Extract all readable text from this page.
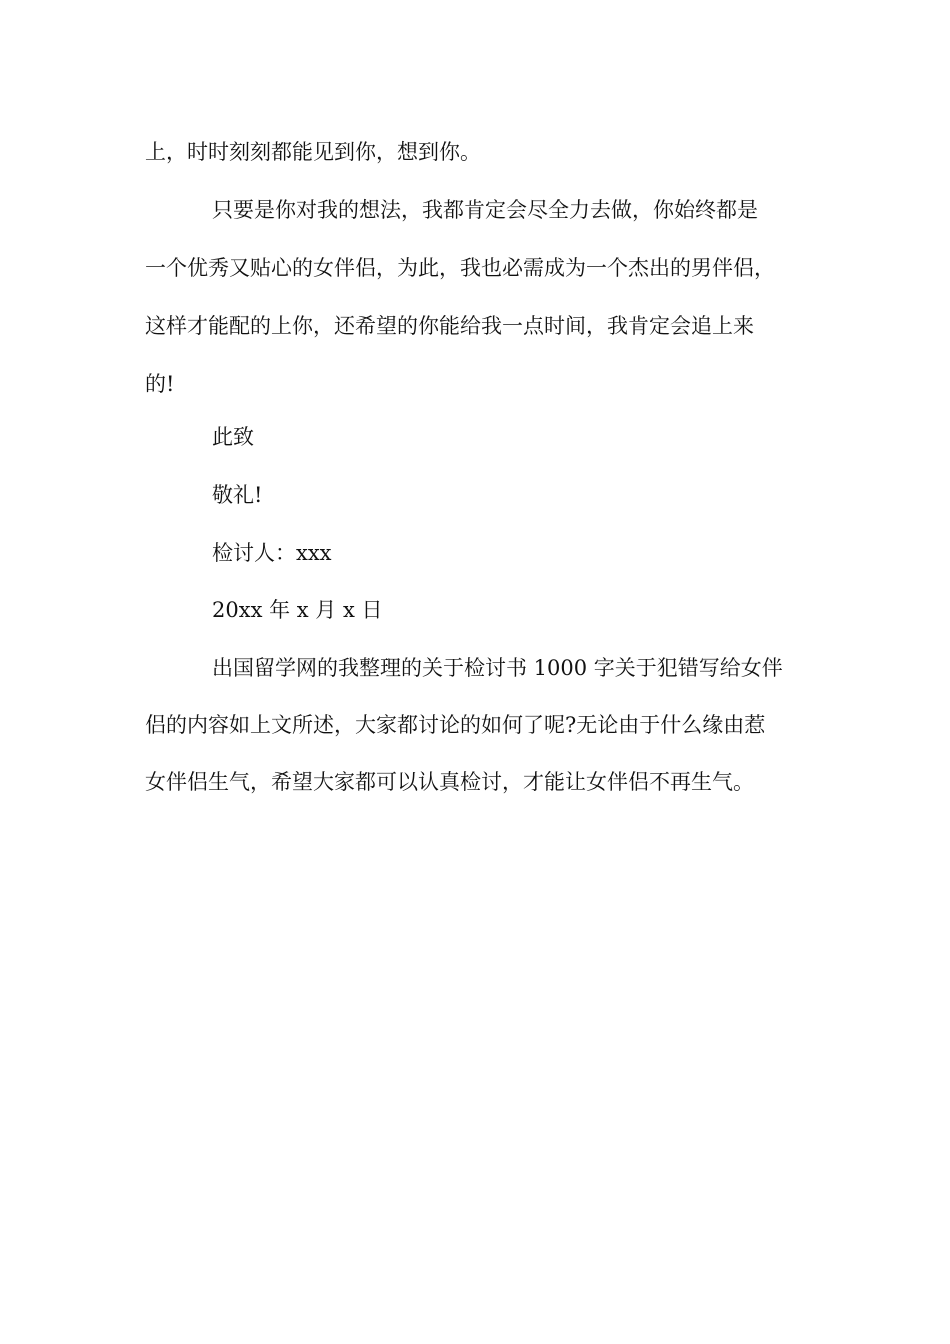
上，时时刻刻都能见到你，想到你。
只要是你对我的想法，我都肯定会尽全力去做，你始终都是
一个优秀又贴心的女伴侣，为此，我也必需成为一个杰出的男伴侣，
这样才能配的上你，还希望的你能给我一点时间，我肯定会追上来
的!
此致
敬礼!
检讨人：xxx
20xx 年 x 月 x 日
出国留学网的我整理的关于检讨书 1000 字关于犯错写给女伴
侣的内容如上文所述，大家都讨论的如何了呢?无论由于什么缘由惹
女伴侣生气，希望大家都可以认真检讨，才能让女伴侣不再生气。
